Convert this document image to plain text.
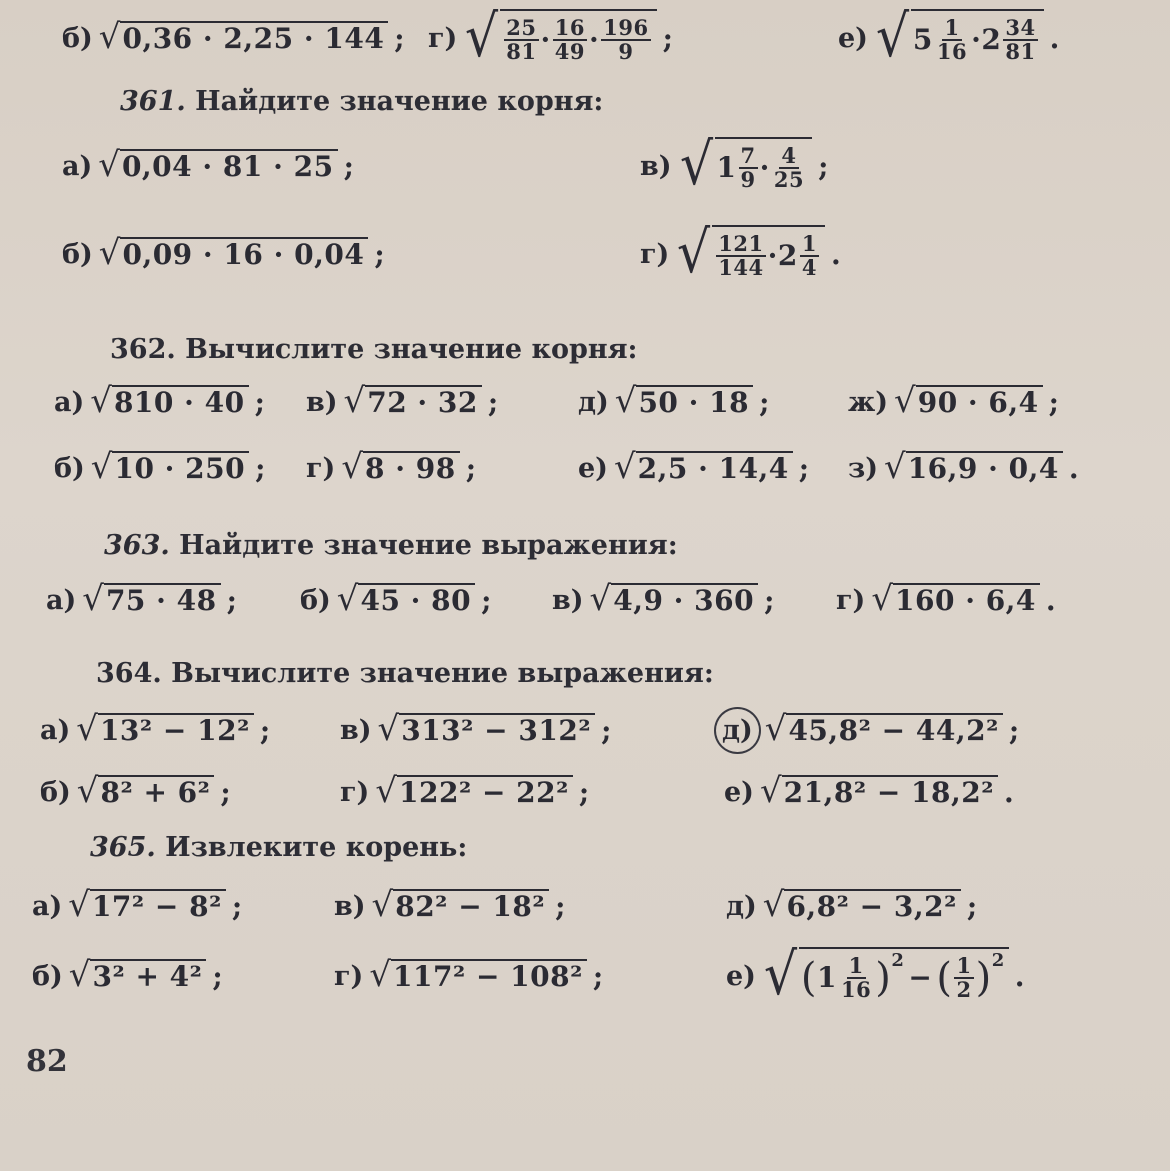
б) √ 0,36 · 2,25 · 144 ; г) √ $\frac{25}{81} \cdot \frac{16}{49} \cdot \frac{196}{9}$ ;	е) √ $5 \frac{1}{16} \cdot 2 \frac{34}{81}$ .
361. Найдите значение корня:
а) √ 0,04 · 81 · 25 ;	в) √ $1 \frac{7}{9} \cdot \frac{4}{25}$ ;
б) √ 0,09 · 16 · 0,04 ;	г) √ $\frac{121}{144} \cdot 2 \frac{1}{4}$ .
362. Вычислите значение корня:
а) √ 810 · 40 ; в) √ 72 · 32 ;	д) √ 50 · 18 ;	ж) √ 90 · 6,4 ;
б) √ 10 · 250 ; г) √ 8 · 98 ;	е) √ 2,5 · 14,4 ; з) √ 16,9 · 0,4 .
363. Найдите значение выражения:
а) √ 75 · 48 ; б) √ 45 · 80 ; в) √ 4,9 · 360 ; г) √ 160 · 6,4 .
364. Вычислите значение выражения:
а) √ 13² − 12² ;	в) √ 313² − 312² ;	д) √ 45,8² − 44,2² ;
б) √ 8² + 6² ;	г) √ 122² − 22² ;	е) √ 21,8² − 18,2² .
365. Извлеките корень:
а) √ 17² − 8² ;	в) √ 82² − 18² ;	д) √ 6,8² − 3,2² ;
б) √ 3² + 4² ;	г) √ 117² − 108² ;	е) √ ( $1 \frac{1}{16} )^2$
− ( $\frac{1}{2} )^2$ .
82
